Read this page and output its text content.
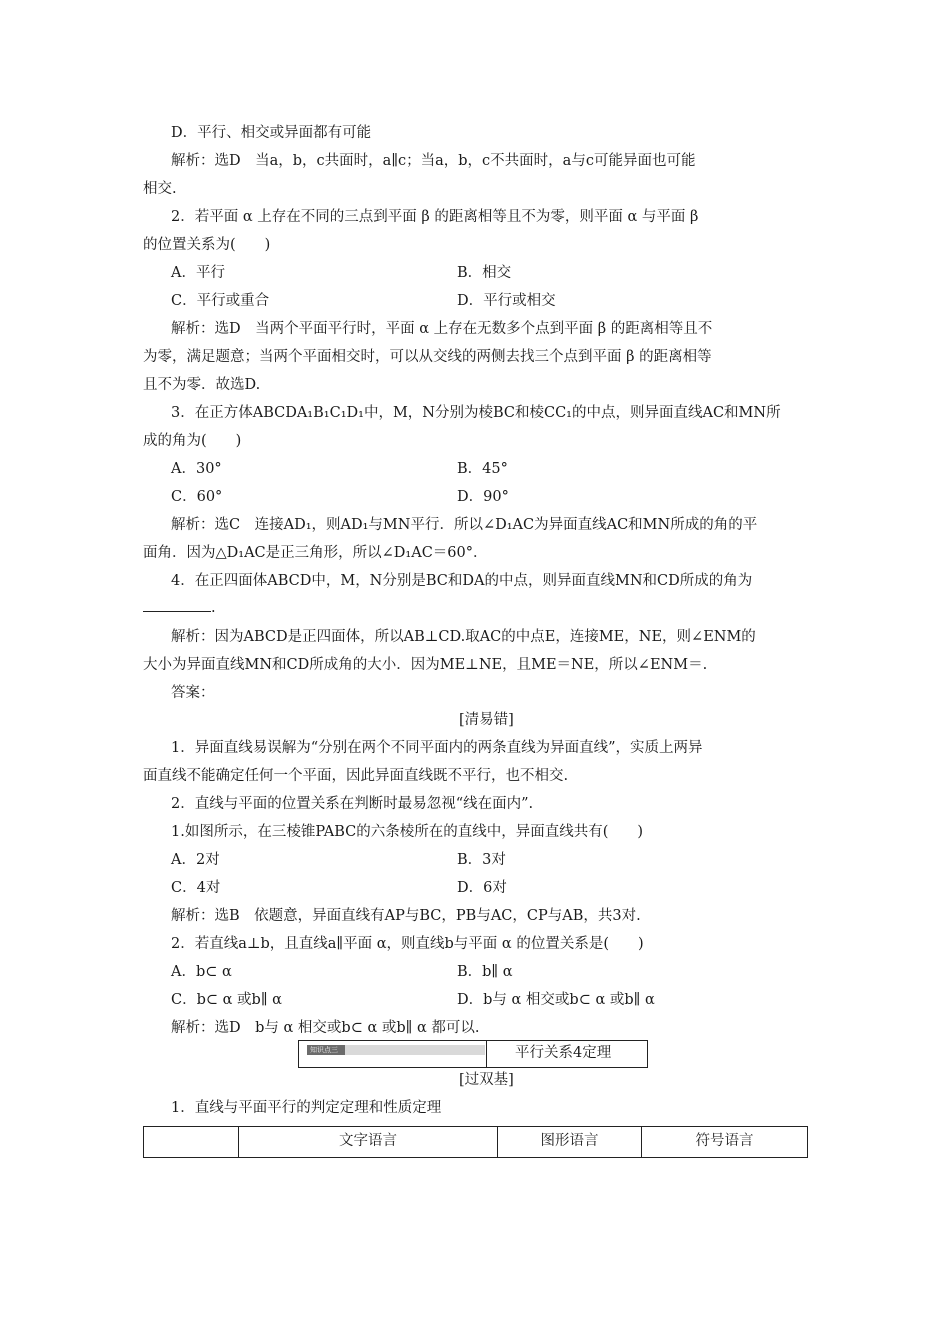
D．平行、相交或异面都有可能
解析：选D　当a，b，c共面时，a∥c；当a，b，c不共面时，a与c可能异面也可能
相交.
2．若平面 α 上存在不同的三点到平面 β 的距离相等且不为零，则平面 α 与平面 β
的位置关系为(　　)
A．平行	B．相交
C．平行或重合	D．平行或相交
解析：选D　当两个平面平行时，平面 α 上存在无数多个点到平面 β 的距离相等且不
为零，满足题意；当两个平面相交时，可以从交线的两侧去找三个点到平面 β 的距离相等
且不为零．故选D.
3．在正方体ABCDA₁B₁C₁D₁中，M，N分别为棱BC和棱CC₁的中点，则异面直线AC和MN所
成的角为(　　)
A．30°	B．45°
C．60°	D．90°
解析：选C　连接AD₁，则AD₁与MN平行．所以∠D₁AC为异面直线AC和MN所成的角的平
面角．因为△D₁AC是正三角形，所以∠D₁AC＝60°．
4．在正四面体ABCD中，M，N分别是BC和DA的中点，则异面直线MN和CD所成的角为
.
解析：因为ABCD是正四面体，所以AB⊥CD.取AC的中点E，连接ME，NE，则∠ENM的
大小为异面直线MN和CD所成角的大小．因为ME⊥NE，且ME＝NE，所以∠ENM＝.
答案：
[清易错]
1．异面直线易误解为“分别在两个不同平面内的两条直线为异面直线”，实质上两异
面直线不能确定任何一个平面，因此异面直线既不平行，也不相交.
2．直线与平面的位置关系在判断时最易忽视“线在面内”.
1.如图所示，在三棱锥PABC的六条棱所在的直线中，异面直线共有(　　)
A．2对	B．3对
C．4对	D．6对
解析：选B　依题意，异面直线有AP与BC，PB与AC，CP与AB，共3对.
2．若直线a⊥b，且直线a∥平面 α，则直线b与平面 α 的位置关系是(　　)
A．b⊂ α	B．b∥ α
C．b⊂ α 或b∥ α	D．b与 α 相交或b⊂ α 或b∥ α
解析：选D　b与 α 相交或b⊂ α 或b∥ α 都可以.
知识点三	平行关系4定理
[过双基]
1．直线与平面平行的判定定理和性质定理
	文字语言	图形语言	符号语言
